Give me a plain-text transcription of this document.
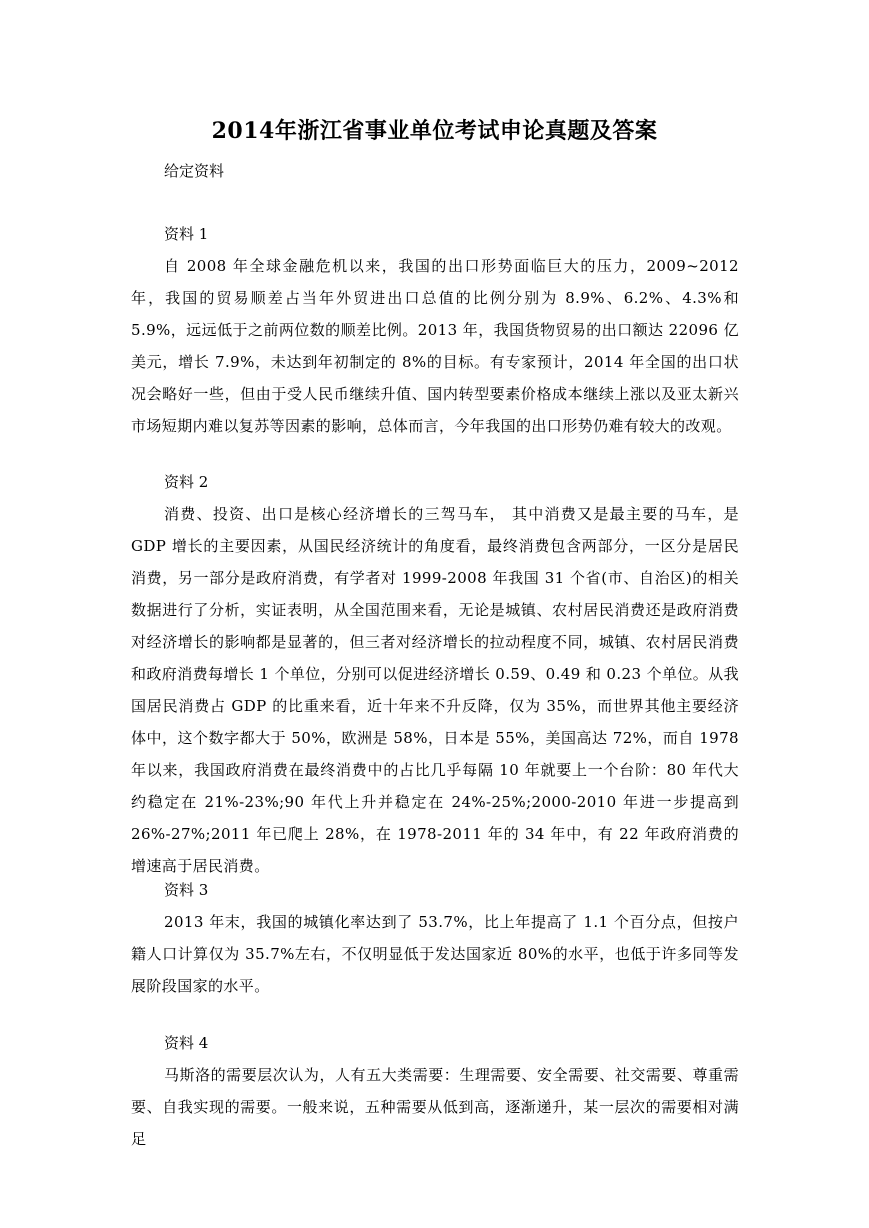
2014年浙江省事业单位考试申论真题及答案

给定资料

资料 1

自 2008 年全球金融危机以来，我国的出口形势面临巨大的压力，2009~2012 年，我国的贸易顺差占当年外贸进出口总值的比例分别为 8.9%、6.2%、4.3%和 5.9%，远远低于之前两位数的顺差比例。2013 年，我国货物贸易的出口额达 22096 亿美元，增长 7.9%，未达到年初制定的 8%的目标。有专家预计，2014 年全国的出口状况会略好一些，但由于受人民币继续升值、国内转型要素价格成本继续上涨以及亚太新兴市场短期内难以复苏等因素的影响，总体而言，今年我国的出口形势仍难有较大的改观。

资料 2

消费、投资、出口是核心经济增长的三驾马车， 其中消费又是最主要的马车，是 GDP 增长的主要因素，从国民经济统计的角度看，最终消费包含两部分，一区分是居民消费，另一部分是政府消费，有学者对 1999-2008 年我国 31 个省(市、自治区)的相关数据进行了分析，实证表明，从全国范围来看，无论是城镇、农村居民消费还是政府消费对经济增长的影响都是显著的，但三者对经济增长的拉动程度不同，城镇、农村居民消费和政府消费每增长 1 个单位，分别可以促进经济增长 0.59、0.49 和 0.23 个单位。从我国居民消费占 GDP 的比重来看，近十年来不升反降，仅为 35%，而世界其他主要经济体中，这个数字都大于 50%，欧洲是 58%，日本是 55%，美国高达 72%，而自 1978 年以来，我国政府消费在最终消费中的占比几乎每隔 10 年就要上一个台阶：80 年代大约稳定在 21%-23%;90 年代上升并稳定在 24%-25%;2000-2010 年进一步提高到 26%-27%;2011 年已爬上 28%，在 1978-2011 年的 34 年中，有 22 年政府消费的增速高于居民消费。

资料 3

2013 年末，我国的城镇化率达到了 53.7%，比上年提高了 1.1 个百分点，但按户籍人口计算仅为 35.7%左右，不仅明显低于发达国家近 80%的水平，也低于许多同等发展阶段国家的水平。

资料 4

马斯洛的需要层次认为，人有五大类需要：生理需要、安全需要、社交需要、尊重需要、自我实现的需要。一般来说，五种需要从低到高，逐渐递升，某一层次的需要相对满足
